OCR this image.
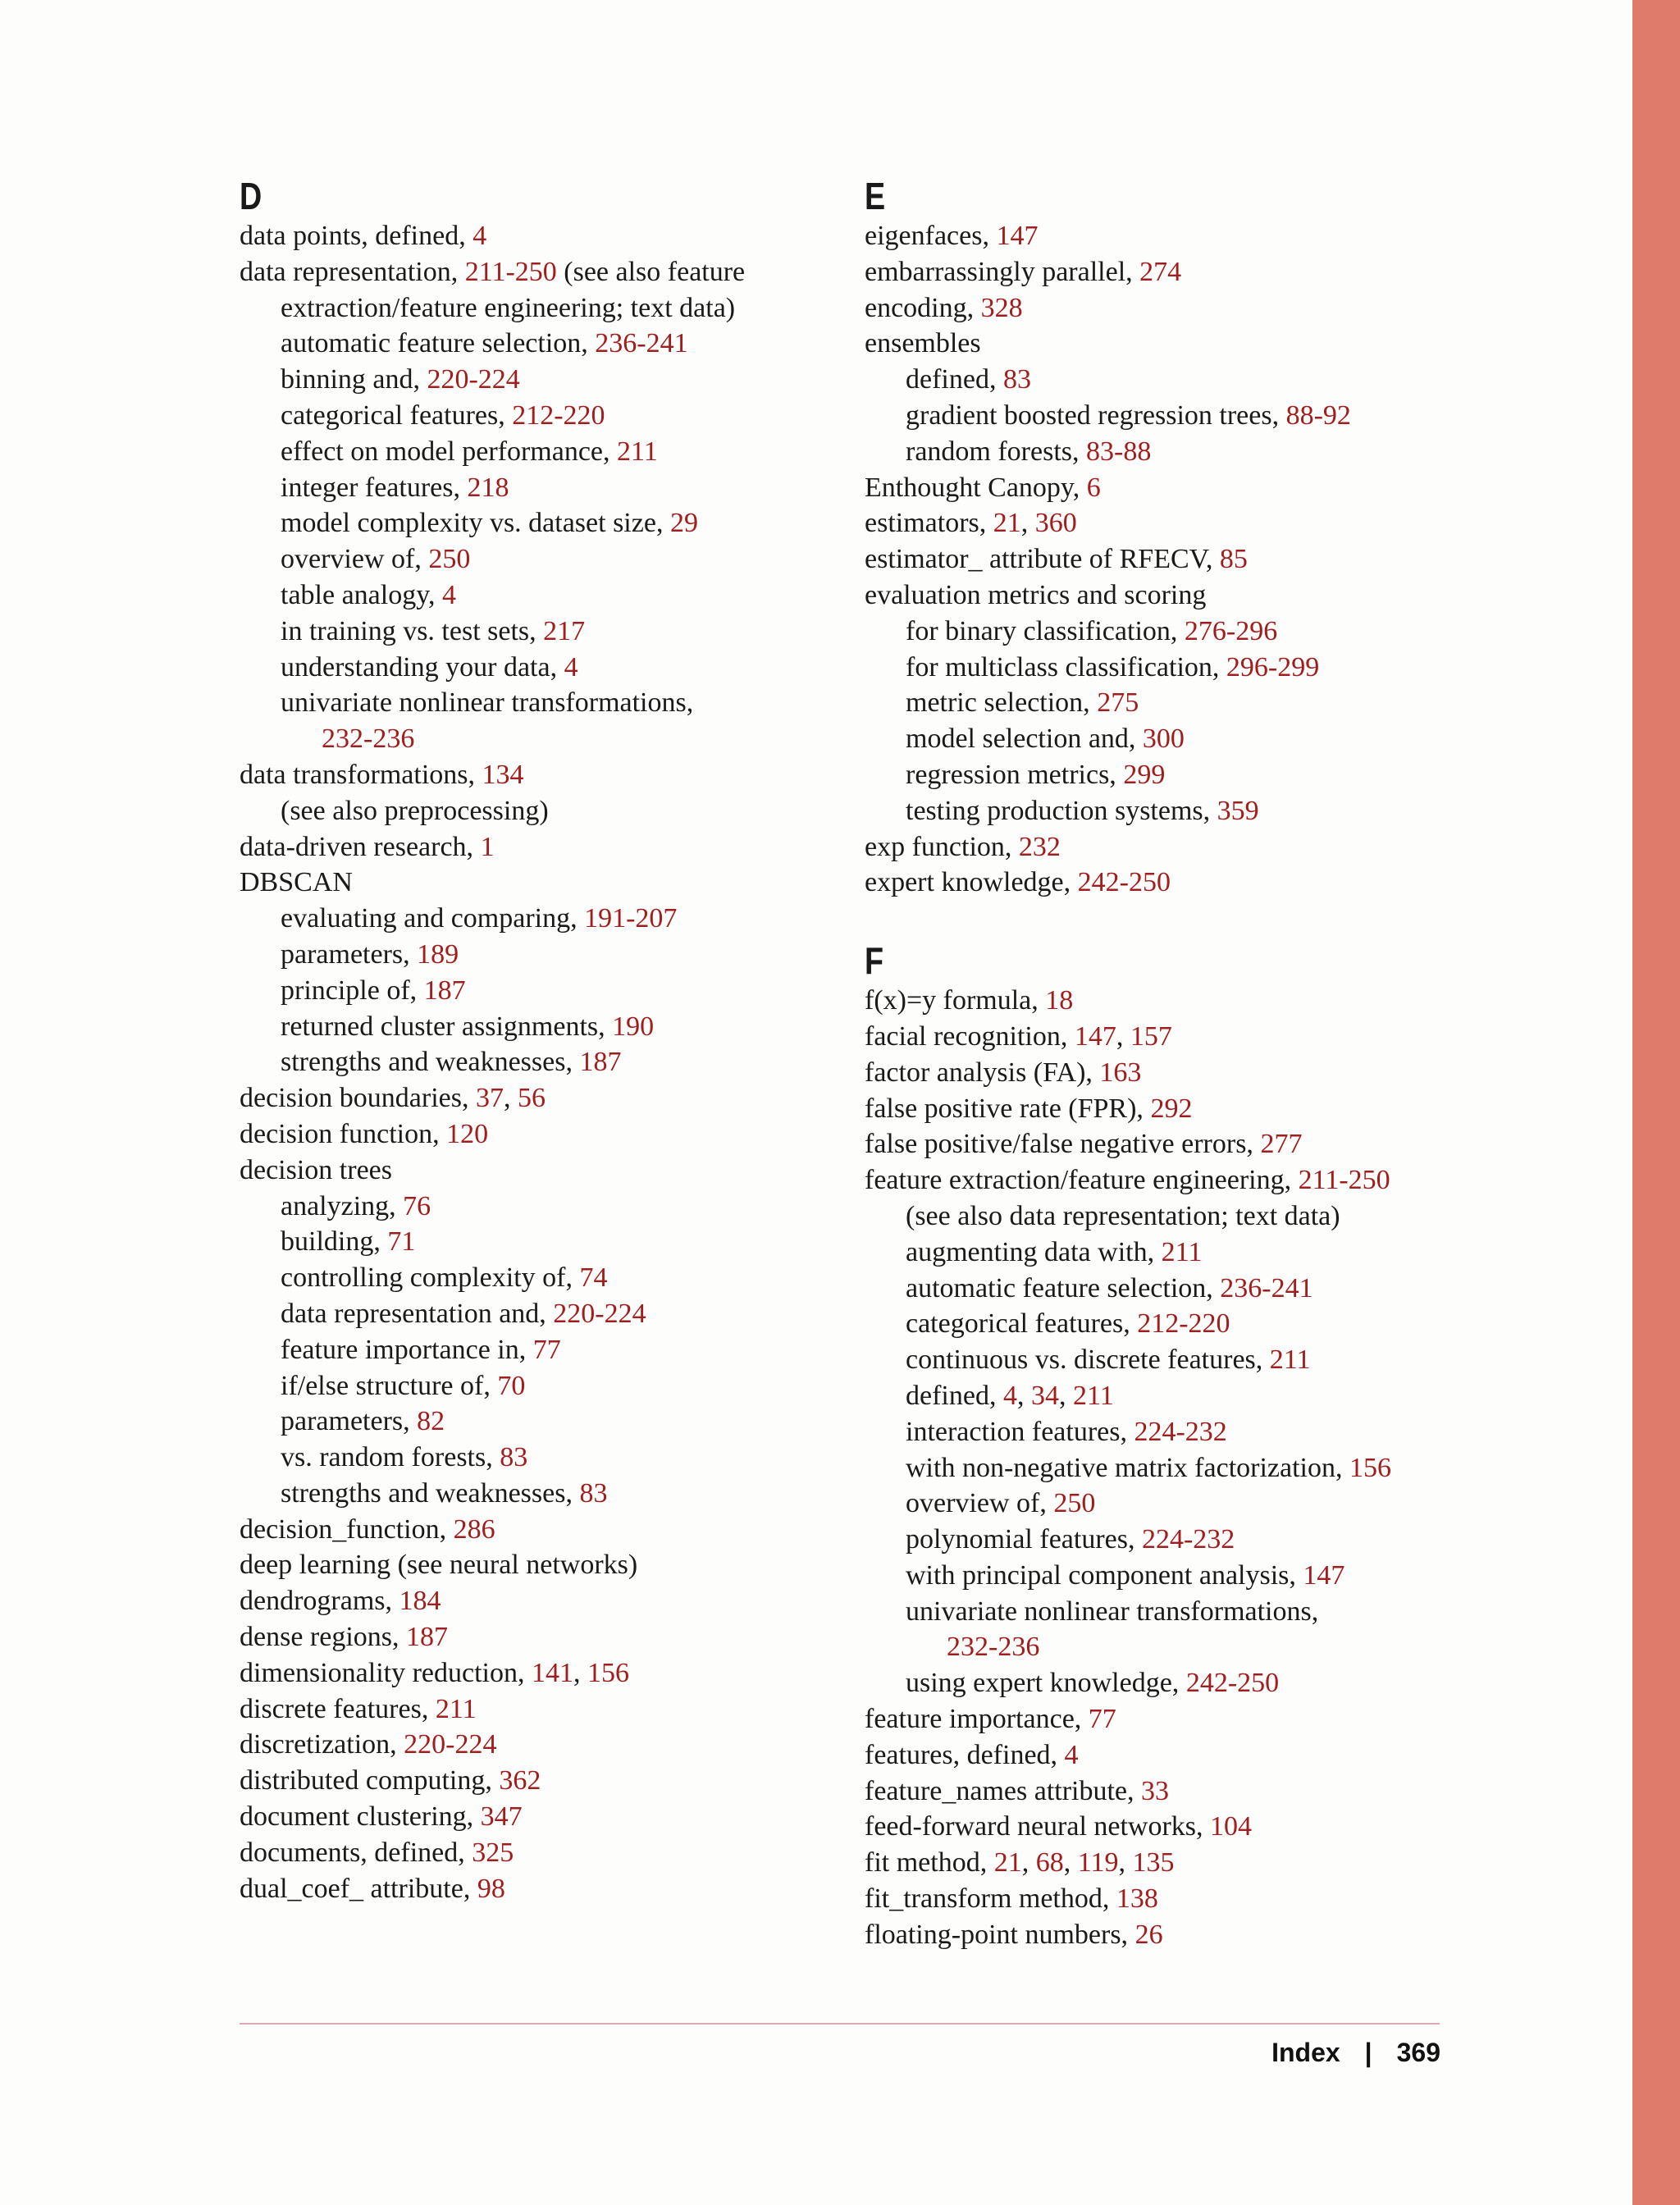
D
data points, defined, 4
data representation, 211-250 (see also feature
extraction/feature engineering; text data)
automatic feature selection, 236-241
binning and, 220-224
categorical features, 212-220
effect on model performance, 211
integer features, 218
model complexity vs. dataset size, 29
overview of, 250
table analogy, 4
in training vs. test sets, 217
understanding your data, 4
univariate nonlinear transformations,
232-236
data transformations, 134
(see also preprocessing)
data-driven research, 1
DBSCAN
evaluating and comparing, 191-207
parameters, 189
principle of, 187
returned cluster assignments, 190
strengths and weaknesses, 187
decision boundaries, 37, 56
decision function, 120
decision trees
analyzing, 76
building, 71
controlling complexity of, 74
data representation and, 220-224
feature importance in, 77
if/else structure of, 70
parameters, 82
vs. random forests, 83
strengths and weaknesses, 83
decision_function, 286
deep learning (see neural networks)
dendrograms, 184
dense regions, 187
dimensionality reduction, 141, 156
discrete features, 211
discretization, 220-224
distributed computing, 362
document clustering, 347
documents, defined, 325
dual_coef_ attribute, 98
E
eigenfaces, 147
embarrassingly parallel, 274
encoding, 328
ensembles
defined, 83
gradient boosted regression trees, 88-92
random forests, 83-88
Enthought Canopy, 6
estimators, 21, 360
estimator_ attribute of RFECV, 85
evaluation metrics and scoring
for binary classification, 276-296
for multiclass classification, 296-299
metric selection, 275
model selection and, 300
regression metrics, 299
testing production systems, 359
exp function, 232
expert knowledge, 242-250
F
f(x)=y formula, 18
facial recognition, 147, 157
factor analysis (FA), 163
false positive rate (FPR), 292
false positive/false negative errors, 277
feature extraction/feature engineering, 211-250
(see also data representation; text data)
augmenting data with, 211
automatic feature selection, 236-241
categorical features, 212-220
continuous vs. discrete features, 211
defined, 4, 34, 211
interaction features, 224-232
with non-negative matrix factorization, 156
overview of, 250
polynomial features, 224-232
with principal component analysis, 147
univariate nonlinear transformations,
232-236
using expert knowledge, 242-250
feature importance, 77
features, defined, 4
feature_names attribute, 33
feed-forward neural networks, 104
fit method, 21, 68, 119, 135
fit_transform method, 138
floating-point numbers, 26
Index | 369
